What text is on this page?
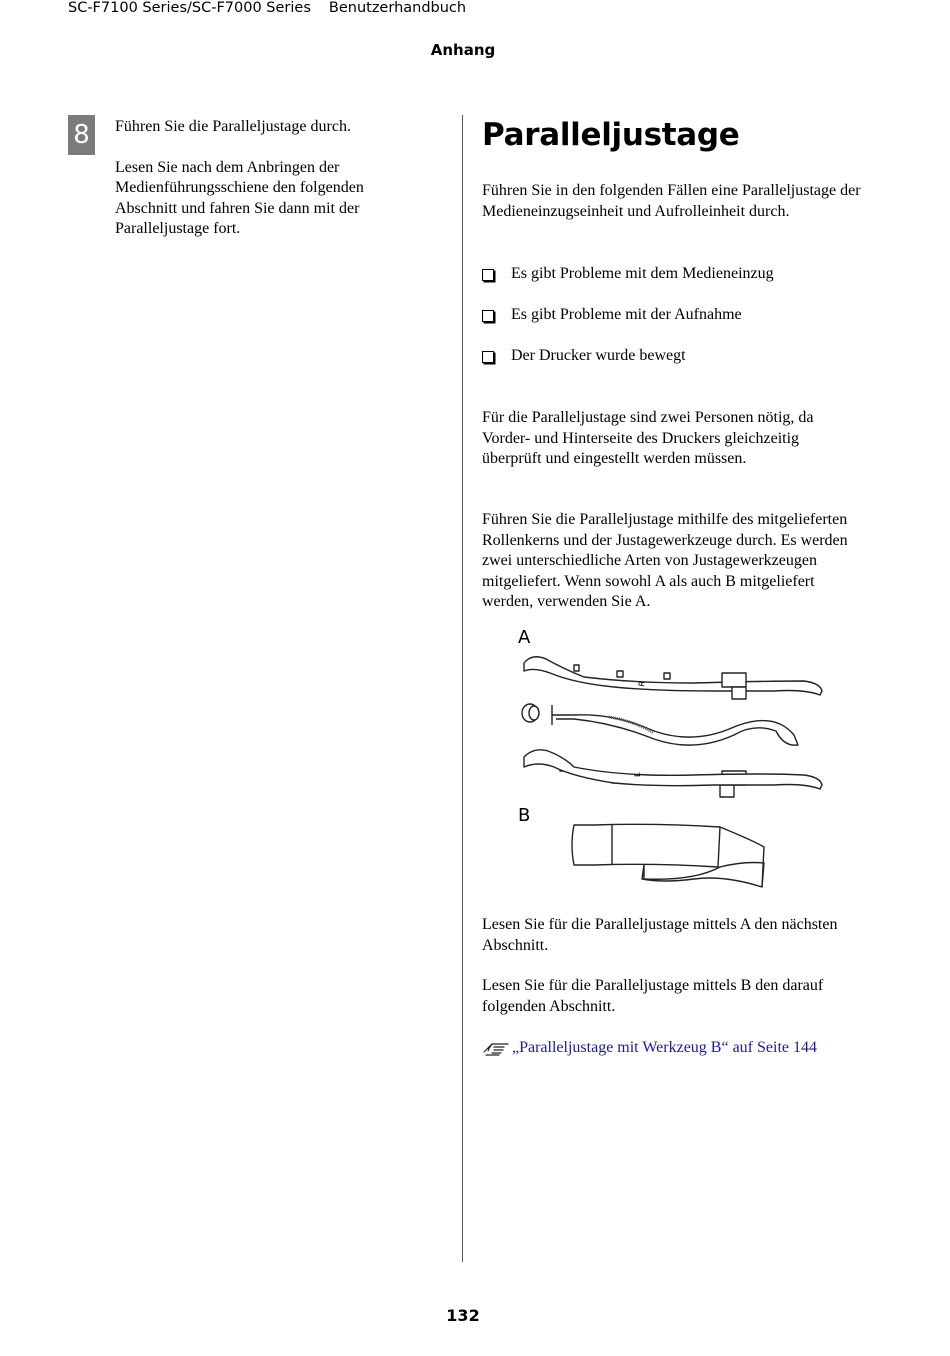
SC-F7100 Series/SC-F7000 Series Benutzerhandbuch
Anhang
8	Führen Sie die Paralleljustage durch.

Lesen Sie nach dem Anbringen der Medienführungsschiene den folgenden Abschnitt und fahren Sie dann mit der Paralleljustage fort.

Paralleljustage

Führen Sie in den folgenden Fällen eine Paralleljustage der Medieneinzugseinheit und Aufrolleinheit durch.

Es gibt Probleme mit dem Medieneinzug
Es gibt Probleme mit der Aufnahme
Der Drucker wurde bewegt

Für die Paralleljustage sind zwei Personen nötig, da Vorder- und Hinterseite des Druckers gleichzeitig überprüft und eingestellt werden müssen.

Führen Sie die Paralleljustage mithilfe des mitgelieferten Rollenkerns und der Justagewerkzeuge durch. Es werden zwei unterschiedliche Arten von Justagewerkzeugen mitgeliefert. Wenn sowohl A als auch B mitgeliefert werden, verwenden Sie A.

Lesen Sie für die Paralleljustage mittels A den nächsten Abschnitt.

Lesen Sie für die Paralleljustage mittels B den darauf folgenden Abschnitt.

„Paralleljustage mit Werkzeug B“ auf Seite 144
A
B
R
L
132
